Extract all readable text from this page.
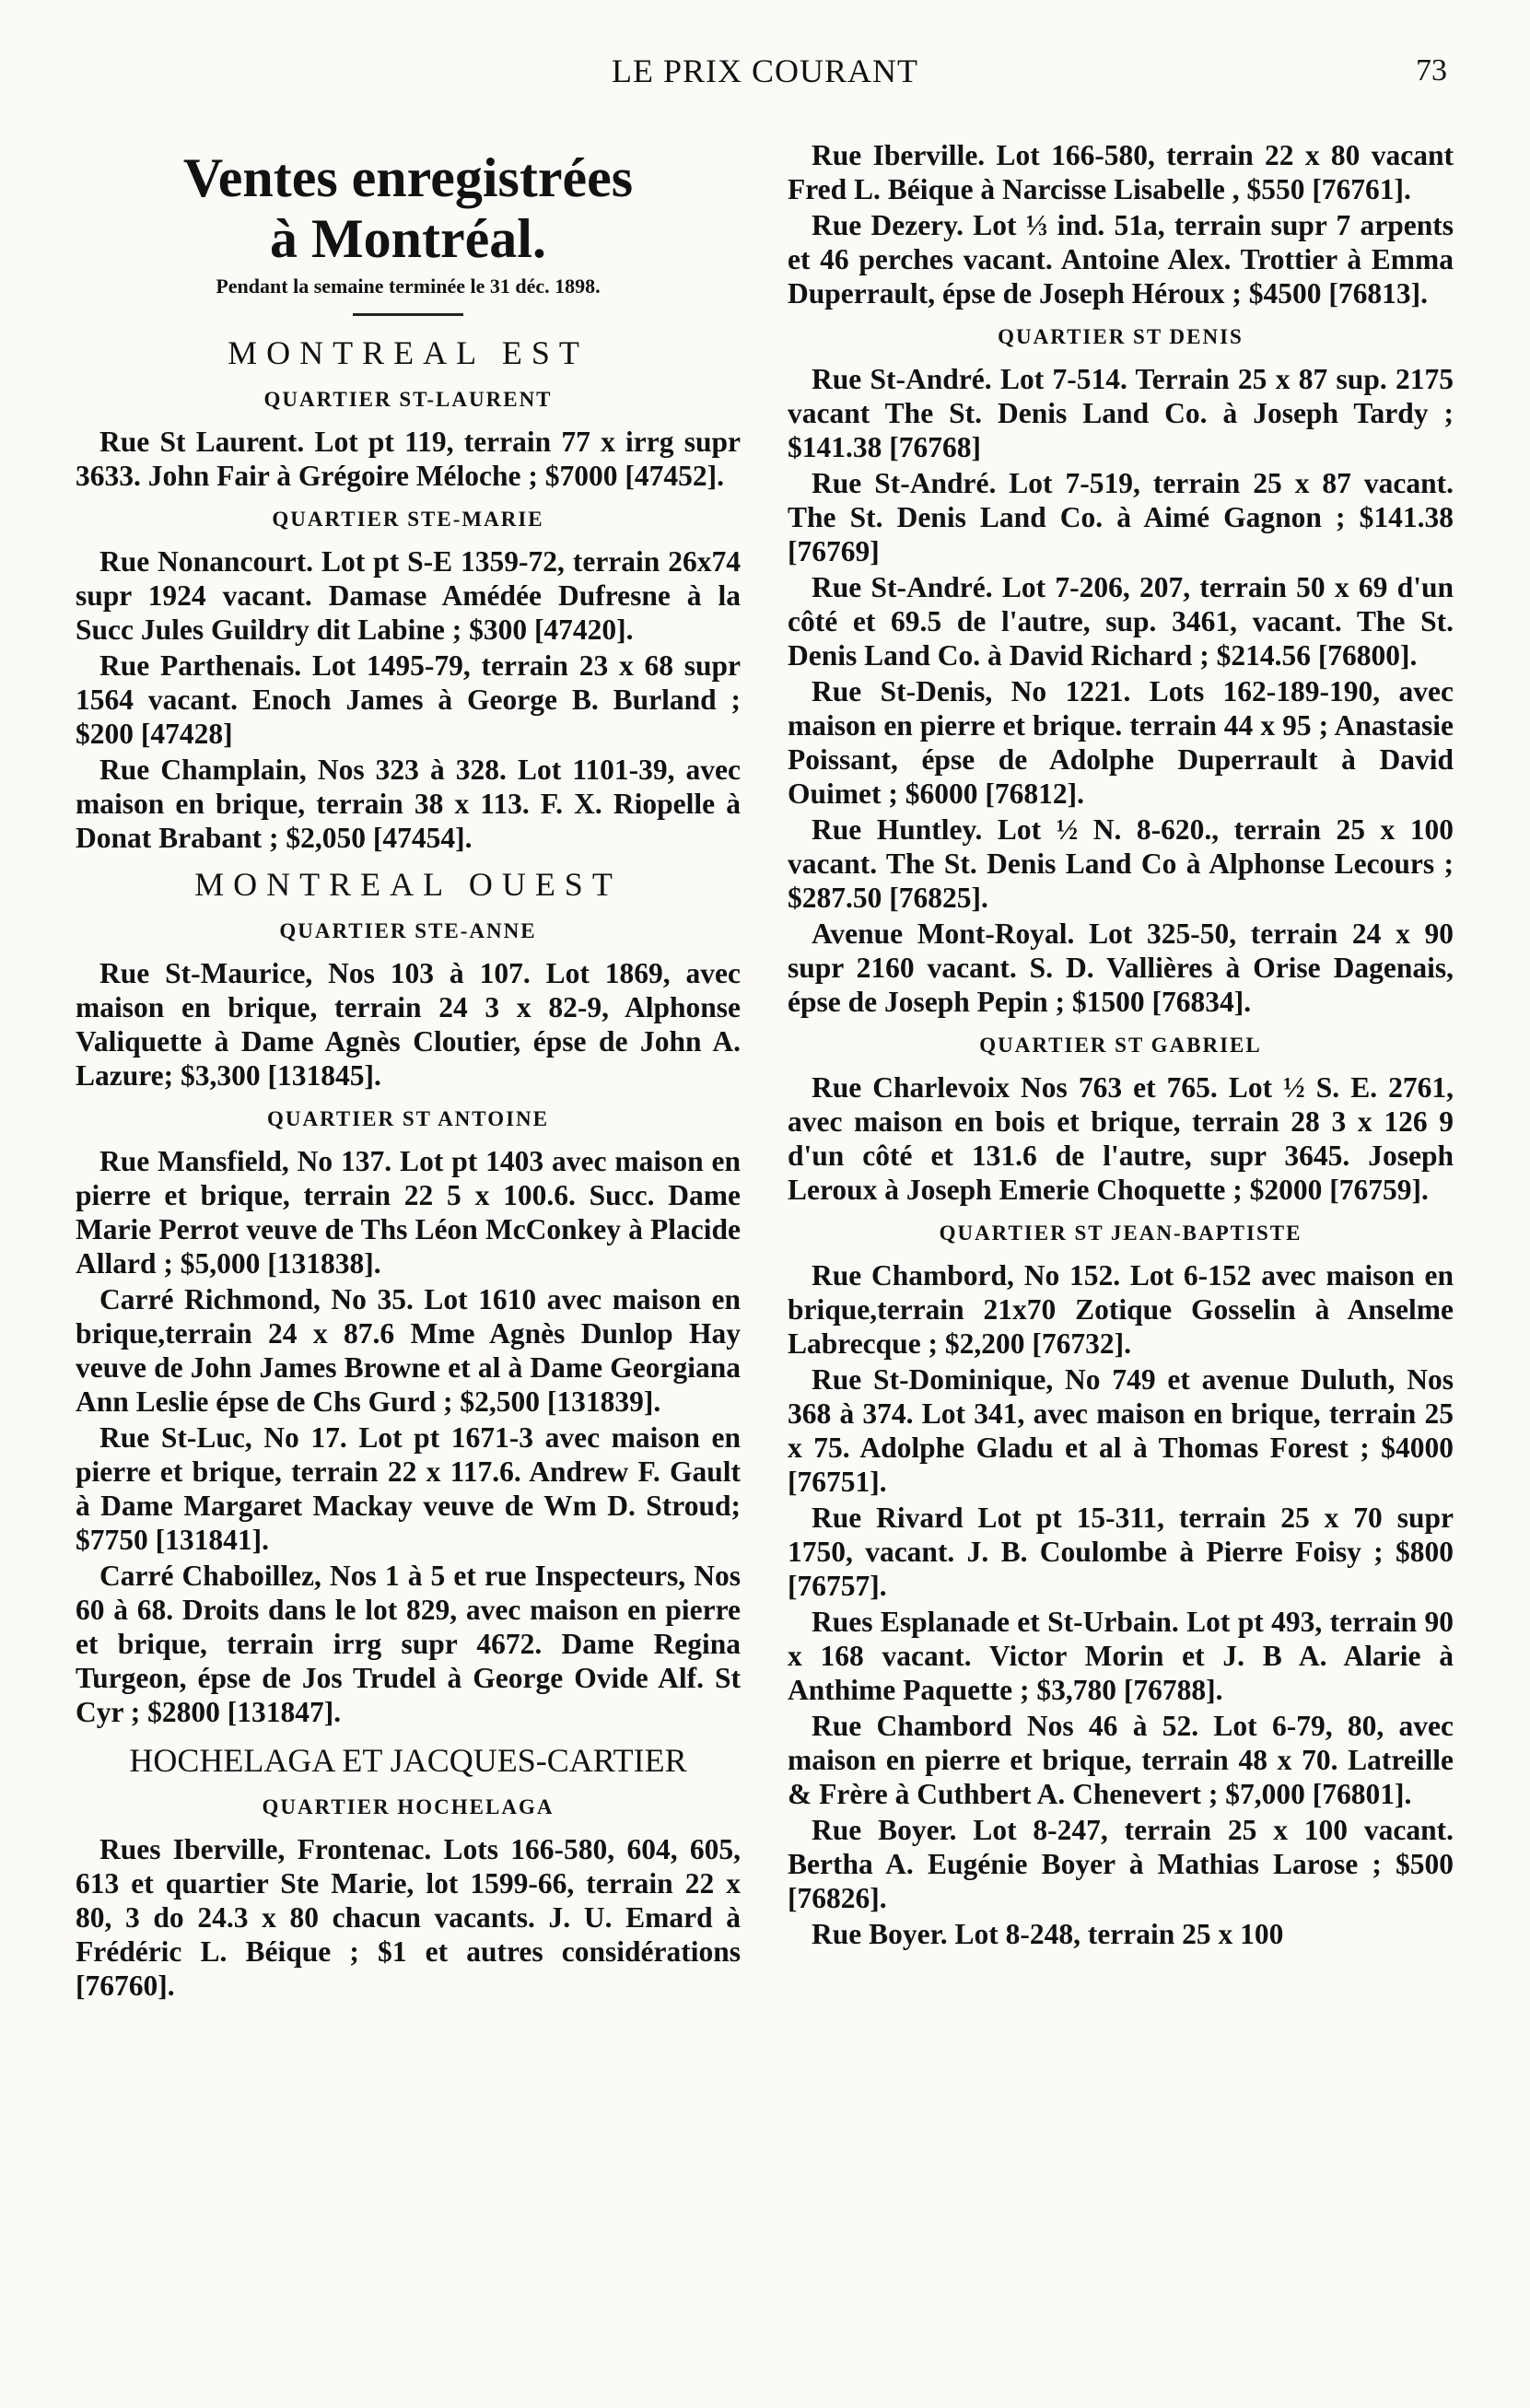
LE PRIX COURANT	73
Ventes enregistrées
à Montréal.
Pendant la semaine terminée le 31 déc. 1898.
MONTREAL EST
QUARTIER ST-LAURENT

Rue St Laurent. Lot pt 119, terrain 77 x irrg supr 3633. John Fair à Grégoire Méloche ; $7000 [47452].

QUARTIER STE-MARIE

Rue Nonancourt. Lot pt S-E 1359-72, terrain 26x74 supr 1924 vacant. Damase Amédée Dufresne à la Succ Jules Guildry dit Labine ; $300 [47420].

Rue Parthenais. Lot 1495-79, terrain 23 x 68 supr 1564 vacant. Enoch James à George B. Burland ; $200 [47428]

Rue Champlain, Nos 323 à 328. Lot 1101-39, avec maison en brique, terrain 38 x 113. F. X. Riopelle à Donat Brabant ; $2,050 [47454].

MONTREAL OUEST
QUARTIER STE-ANNE

Rue St-Maurice, Nos 103 à 107. Lot 1869, avec maison en brique, terrain 24 3 x 82-9, Alphonse Valiquette à Dame Agnès Cloutier, épse de John A. Lazure; $3,300 [131845].

QUARTIER ST ANTOINE

Rue Mansfield, No 137. Lot pt 1403 avec maison en pierre et brique, terrain 22 5 x 100.6. Succ. Dame Marie Perrot veuve de Ths Léon McConkey à Placide Allard ; $5,000 [131838].

Carré Richmond, No 35. Lot 1610 avec maison en brique,terrain 24 x 87.6 Mme Agnès Dunlop Hay veuve de John James Browne et al à Dame Georgiana Ann Leslie épse de Chs Gurd ; $2,500 [131839].

Rue St-Luc, No 17. Lot pt 1671-3 avec maison en pierre et brique, terrain 22 x 117.6. Andrew F. Gault à Dame Margaret Mackay veuve de Wm D. Stroud; $7750 [131841].

Carré Chaboillez, Nos 1 à 5 et rue Inspecteurs, Nos 60 à 68. Droits dans le lot 829, avec maison en pierre et brique, terrain irrg supr 4672. Dame Regina Turgeon, épse de Jos Trudel à George Ovide Alf. St Cyr ; $2800 [131847].

HOCHELAGA ET JACQUES-CARTIER
QUARTIER HOCHELAGA

Rues Iberville, Frontenac. Lots 166-580, 604, 605, 613 et quartier Ste Marie, lot 1599-66, terrain 22 x 80, 3 do 24.3 x 80 chacun vacants. J. U. Emard à Frédéric L. Béique ; $1 et autres considérations [76760].

Rue Iberville. Lot 166-580, terrain 22 x 80 vacant Fred L. Béique à Narcisse Lisabelle , $550 [76761].

Rue Dezery. Lot ⅓ ind. 51a, terrain supr 7 arpents et 46 perches vacant. Antoine Alex. Trottier à Emma Duperrault, épse de Joseph Héroux ; $4500 [76813].

QUARTIER ST DENIS

Rue St-André. Lot 7-514. Terrain 25 x 87 sup. 2175 vacant The St. Denis Land Co. à Joseph Tardy ; $141.38 [76768]

Rue St-André. Lot 7-519, terrain 25 x 87 vacant. The St. Denis Land Co. à Aimé Gagnon ; $141.38 [76769]

Rue St-André. Lot 7-206, 207, terrain 50 x 69 d'un côté et 69.5 de l'autre, sup. 3461, vacant. The St. Denis Land Co. à David Richard ; $214.56 [76800].

Rue St-Denis, No 1221. Lots 162-189-190, avec maison en pierre et brique. terrain 44 x 95 ; Anastasie Poissant, épse de Adolphe Duperrault à David Ouimet ; $6000 [76812].

Rue Huntley. Lot ½ N. 8-620., terrain 25 x 100 vacant. The St. Denis Land Co à Alphonse Lecours ; $287.50 [76825].

Avenue Mont-Royal. Lot 325-50, terrain 24 x 90 supr 2160 vacant. S. D. Vallières à Orise Dagenais, épse de Joseph Pepin ; $1500 [76834].

QUARTIER ST GABRIEL

Rue Charlevoix Nos 763 et 765. Lot ½ S. E. 2761, avec maison en bois et brique, terrain 28 3 x 126 9 d'un côté et 131.6 de l'autre, supr 3645. Joseph Leroux à Joseph Emerie Choquette ; $2000 [76759].

QUARTIER ST JEAN-BAPTISTE

Rue Chambord, No 152. Lot 6-152 avec maison en brique,terrain 21x70 Zotique Gosselin à Anselme Labrecque ; $2,200 [76732].

Rue St-Dominique, No 749 et avenue Duluth, Nos 368 à 374. Lot 341, avec maison en brique, terrain 25 x 75. Adolphe Gladu et al à Thomas Forest ; $4000 [76751].

Rue Rivard Lot pt 15-311, terrain 25 x 70 supr 1750, vacant. J. B. Coulombe à Pierre Foisy ; $800 [76757].

Rues Esplanade et St-Urbain. Lot pt 493, terrain 90 x 168 vacant. Victor Morin et J. B A. Alarie à Anthime Paquette ; $3,780 [76788].

Rue Chambord Nos 46 à 52. Lot 6-79, 80, avec maison en pierre et brique, terrain 48 x 70. Latreille & Frère à Cuthbert A. Chenevert ; $7,000 [76801].

Rue Boyer. Lot 8-247, terrain 25 x 100 vacant. Bertha A. Eugénie Boyer à Mathias Larose ; $500 [76826].

Rue Boyer. Lot 8-248, terrain 25 x 100
